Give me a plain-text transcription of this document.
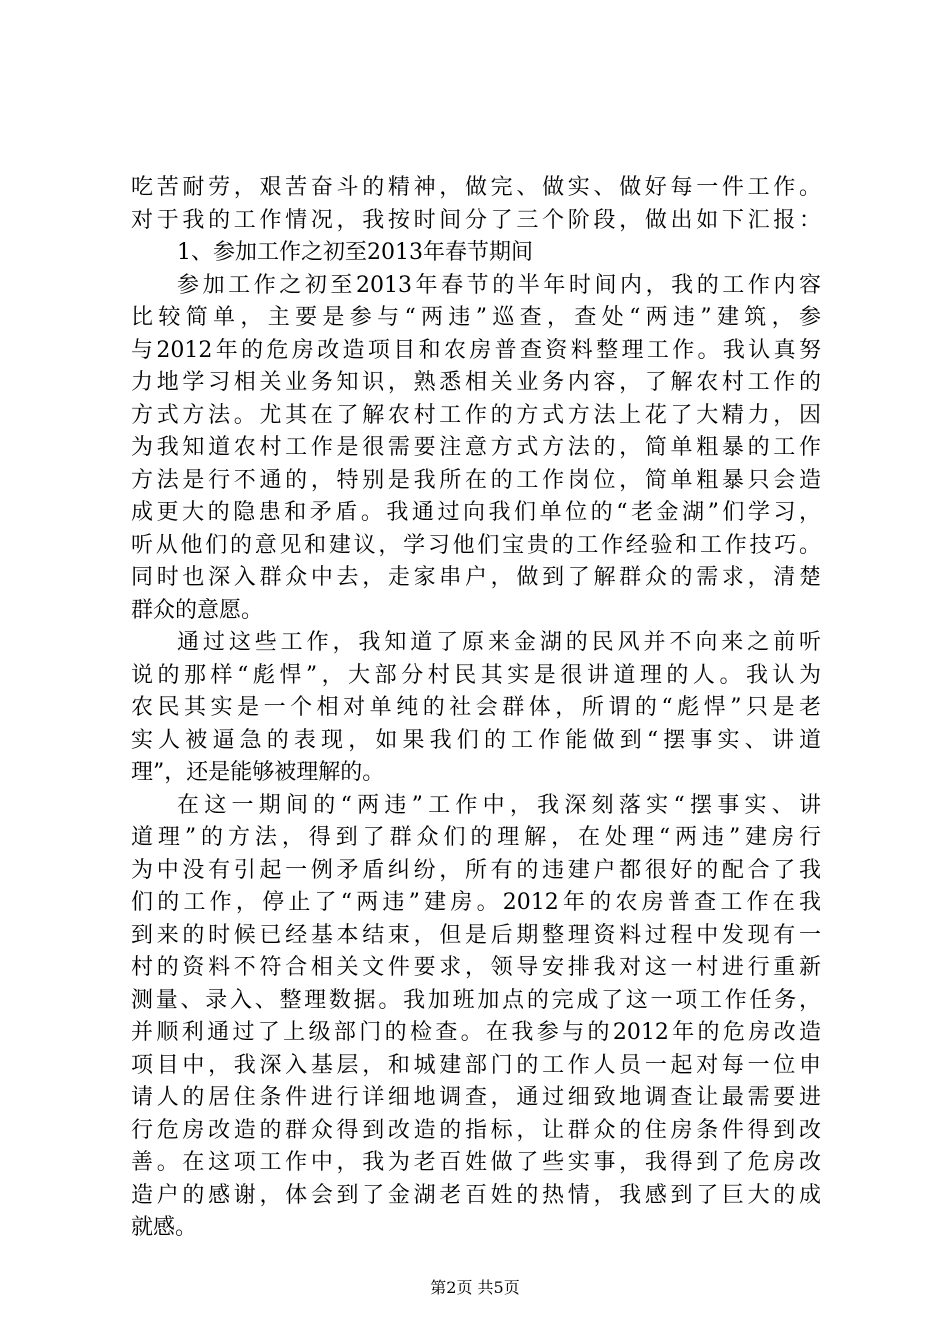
吃苦耐劳，艰苦奋斗的精神，做完、做实、做好每一件工作。
对于我的工作情况，我按时间分了三个阶段，做出如下汇报：
1、参加工作之初至2013年春节期间
参加工作之初至2013年春节的半年时间内，我的工作内容
比较简单，主要是参与“两违”巡查，查处“两违”建筑，参
与2012年的危房改造项目和农房普查资料整理工作。我认真努
力地学习相关业务知识，熟悉相关业务内容，了解农村工作的
方式方法。尤其在了解农村工作的方式方法上花了大精力，因
为我知道农村工作是很需要注意方式方法的，简单粗暴的工作
方法是行不通的，特别是我所在的工作岗位，简单粗暴只会造
成更大的隐患和矛盾。我通过向我们单位的“老金湖”们学习，
听从他们的意见和建议，学习他们宝贵的工作经验和工作技巧。
同时也深入群众中去，走家串户，做到了解群众的需求，清楚
群众的意愿。
通过这些工作，我知道了原来金湖的民风并不向来之前听
说的那样“彪悍”，大部分村民其实是很讲道理的人。我认为
农民其实是一个相对单纯的社会群体，所谓的“彪悍”只是老
实人被逼急的表现，如果我们的工作能做到“摆事实、讲道
理”，还是能够被理解的。
在这一期间的“两违”工作中，我深刻落实“摆事实、讲
道理”的方法，得到了群众们的理解，在处理“两违”建房行
为中没有引起一例矛盾纠纷，所有的违建户都很好的配合了我
们的工作，停止了“两违”建房。2012年的农房普查工作在我
到来的时候已经基本结束，但是后期整理资料过程中发现有一
村的资料不符合相关文件要求，领导安排我对这一村进行重新
测量、录入、整理数据。我加班加点的完成了这一项工作任务，
并顺利通过了上级部门的检查。在我参与的2012年的危房改造
项目中，我深入基层，和城建部门的工作人员一起对每一位申
请人的居住条件进行详细地调查，通过细致地调查让最需要进
行危房改造的群众得到改造的指标，让群众的住房条件得到改
善。在这项工作中，我为老百姓做了些实事，我得到了危房改
造户的感谢，体会到了金湖老百姓的热情，我感到了巨大的成
就感。
第2页 共5页
